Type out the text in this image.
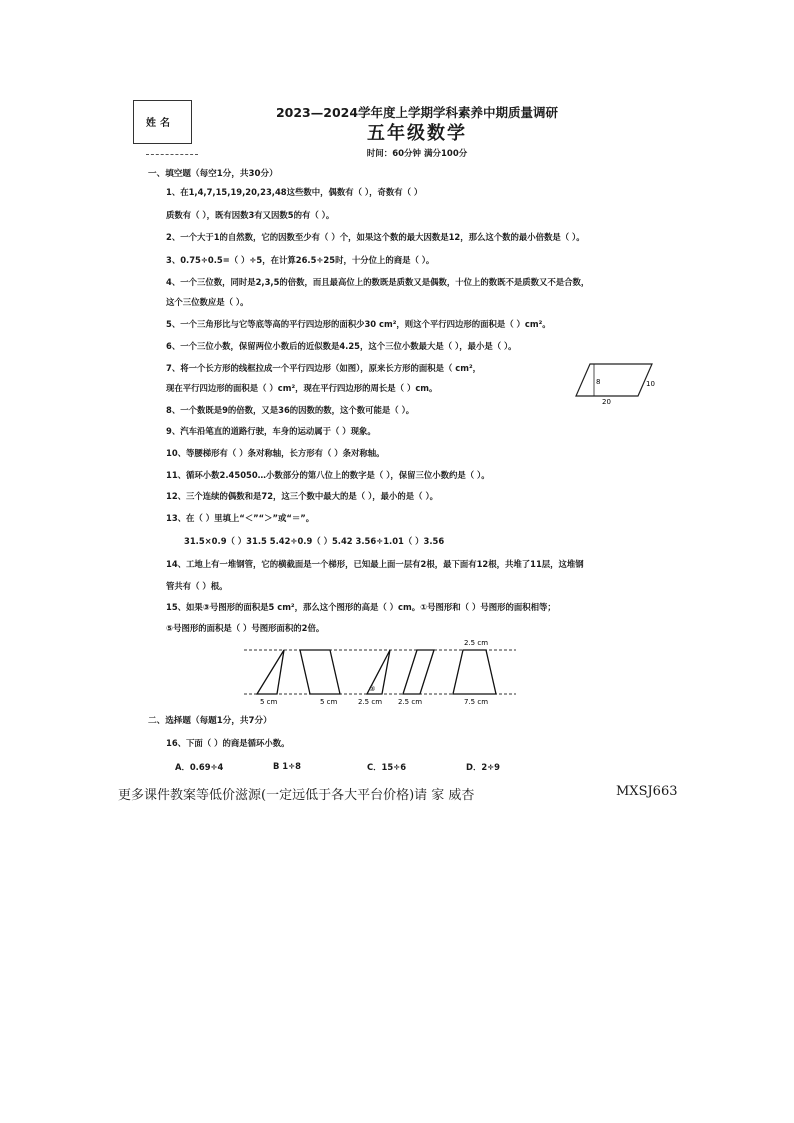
姓名
2023—2024学年度上学期学科素养中期质量调研
五年级数学
时间：60分钟 满分100分
一、填空题（每空1分，共30分）
1、在1,4,7,15,19,20,23,48这些数中，偶数有（ ），奇数有（ ）
质数有（ ），既有因数3有又因数5的有（ ）。
2、一个大于1的自然数，它的因数至少有（ ）个，如果这个数的最大因数是12，那么这个数的最小倍数是（ ）。
3、0.75÷0.5=（ ）÷5，在计算26.5÷25时，十分位上的商是（ ）。
4、一个三位数，同时是2,3,5的倍数，而且最高位上的数既是质数又是偶数，十位上的数既不是质数又不是合数，
这个三位数应是（ ）。
5、一个三角形比与它等底等高的平行四边形的面积少30 cm²，则这个平行四边形的面积是（ ）cm²。
6、一个三位小数，保留两位小数后的近似数是4.25，这个三位小数最大是（ ），最小是（ ）。
7、将一个长方形的线框拉成一个平行四边形（如图），原来长方形的面积是（ cm²，
现在平行四边形的面积是（ ）cm²，现在平行四边形的周长是（ ）cm。
8、一个数既是9的倍数，又是36的因数的数，这个数可能是（ ）。
9、汽车沿笔直的道路行驶，车身的运动属于（ ）现象。
10、等腰梯形有（ ）条对称轴，长方形有（ ）条对称轴。
11、循环小数2.45050…小数部分的第八位上的数字是（ ），保留三位小数约是（ ）。
12、三个连续的偶数和是72，这三个数中最大的是（ ），最小的是（ ）。
13、在（ ）里填上“＜”“＞”或“＝”。
31.5×0.9（ ）31.5 5.42÷0.9（ ）5.42 3.56÷1.01（ ）3.56
14、工地上有一堆钢管，它的横截面是一个梯形，已知最上面一层有2根，最下面有12根，共堆了11层，这堆钢
管共有（ ）根。
15、如果③号图形的面积是5 cm²，那么这个图形的高是（ ）cm。①号图形和（ ）号图形的面积相等；
⑤号图形的面积是（ ）号图形面积的2倍。
8
20
10
③
2.5 cm
5 cm	5 cm	2.5 cm 2.5 cm	7.5 cm
二、选择题（每题1分，共7分）
16、下面（ ）的商是循环小数。
A．0.69÷4	B 1÷8	C．15÷6	D．2÷9
更多课件教案等低价滋源(一定远低于各大平台价格)请 家 威杏	MXSJ663
